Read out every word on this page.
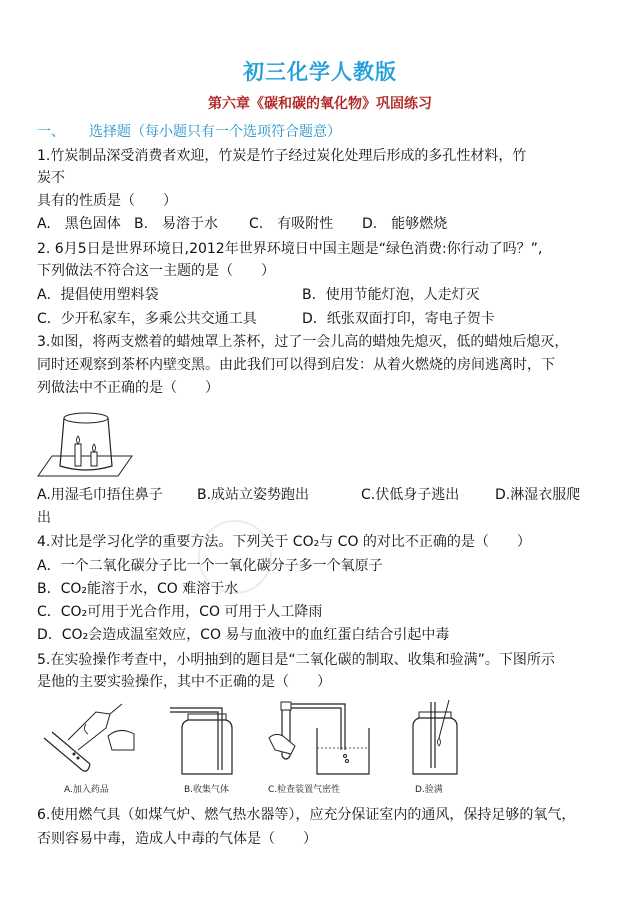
初三化学人教版
第六章《碳和碳的氧化物》巩固练习
一、 选择题（每小题只有一个选项符合题意）
1.竹炭制品深受消费者欢迎，竹炭是竹子经过炭化处理后形成的多孔性材料，竹
炭不
具有的性质是（　　）
A.　黑色固体 B.　易溶于水 C.　有吸附性 D.　能够燃烧
2. 6月5日是世界环境日,2012年世界环境日中国主题是“绿色消费:你行动了吗？”,
下列做法不符合这一主题的是（　　）
A．提倡使用塑料袋	B．使用节能灯泡，人走灯灭
C．少开私家车，多乘公共交通工具	D．纸张双面打印，寄电子贺卡
3.如图，将两支燃着的蜡烛罩上茶杯，过了一会儿高的蜡烛先熄灭，低的蜡烛后熄灭，
同时还观察到茶杯内壁变黑。由此我们可以得到启发：从着火燃烧的房间逃离时，下
列做法中不正确的是（　　）
A.用湿毛巾捂住鼻子 B.成站立姿势跑出	C.伏低身子逃出	D.淋湿衣服爬
出
4.对比是学习化学的重要方法。下列关于 CO₂与 CO 的对比不正确的是（　　）
A．一个二氧化碳分子比一个一氧化碳分子多一个氧原子
B．CO₂能溶于水，CO 难溶于水
C．CO₂可用于光合作用，CO 可用于人工降雨
D．CO₂会造成温室效应，CO 易与血液中的血红蛋白结合引起中毒
5.在实验操作考查中，小明抽到的题目是“二氧化碳的制取、收集和验满”。下图所示
是他的主要实验操作，其中不正确的是（　　）
A.加入药品	B.收集气体	C.检查装置气密性	D.验满
6.使用燃气具（如煤气炉、燃气热水器等），应充分保证室内的通风，保持足够的氧气，
否则容易中毒，造成人中毒的气体是（　　）
